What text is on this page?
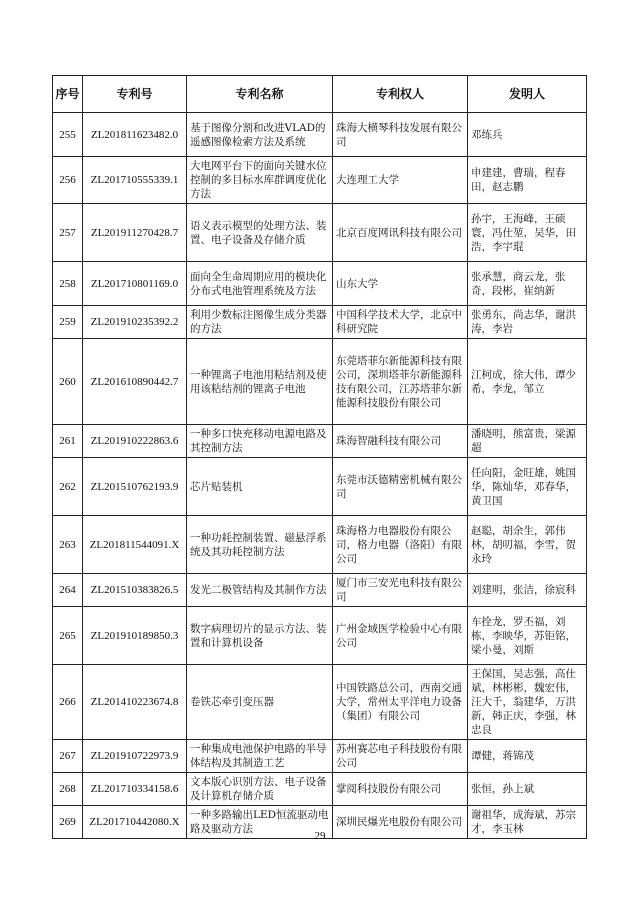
序号	专利号	专利名称	专利权人	发明人
255	ZL201811623482.0	基于图像分割和改进VLAD的遥感图像检索方法及系统	珠海大横琴科技发展有限公司	邓练兵
256	ZL201710555339.1	大电网平台下的面向关键水位控制的多目标水库群调度优化方法	大连理工大学	申建建，曹瑞，程春田，赵志鹏
257	ZL201911270428.7	语义表示模型的处理方法、装置、电子设备及存储介质	北京百度网讯科技有限公司	孙宇，王海峰，王硕寰，冯仕堃，吴华，田浩，李宇琨
258	ZL201710801169.0	面向全生命周期应用的模块化分布式电池管理系统及方法	山东大学	张承慧，商云龙，张奇，段彬，崔纳新
259	ZL201910235392.2	利用少数标注图像生成分类器的方法	中国科学技术大学，北京中科研究院	张勇东，尚志华，谢洪涛，李岩
260	ZL201610890442.7	一种锂离子电池用粘结剂及使用该粘结剂的锂离子电池	东莞塔菲尔新能源科技有限公司，深圳塔菲尔新能源科技有限公司，江苏塔菲尔新能源科技股份有限公司	江柯成，徐大伟，谭少希，李龙，邹立
261	ZL201910222863.6	一种多口快充移动电源电路及其控制方法	珠海智融科技有限公司	潘晓明，熊富贵，梁源超
262	ZL201510762193.9	芯片贴装机	东莞市沃德精密机械有限公司	任向阳，金旺雄，姚国华，陈灿华，邓春华，黄卫国
263	ZL201811544091.X	一种功耗控制装置、磁悬浮系统及其功耗控制方法	珠海格力电器股份有限公司，格力电器（洛阳）有限公司	赵聪，胡余生，郭伟林，胡叨福，李雪，贺永玲
264	ZL201510383826.5	发光二极管结构及其制作方法	厦门市三安光电科技有限公司	刘建明，张洁，徐宸科
265	ZL201910189850.3	数字病理切片的显示方法、装置和计算机设备	广州金域医学检验中心有限公司	车拴龙，罗丕福，刘栋，李映华，苏钜铭，梁小曼，刘斯
266	ZL201410223674.8	卷铁芯牵引变压器	中国铁路总公司，西南交通大学，常州太平洋电力设备（集团）有限公司	王保国，吴志强，高仕斌，林彬彬，魏宏伟，汪大千，翁建华，万洪新，韩正庆，李强，林忠良
267	ZL201910722973.9	一种集成电池保护电路的半导体结构及其制造工艺	苏州赛芯电子科技股份有限公司	谭健，蒋锦茂
268	ZL201710334158.6	文本版心识别方法、电子设备及计算机存储介质	掌阅科技股份有限公司	张恒，孙上斌
269	ZL201710442080.X	一种多路输出LED恒流驱动电路及驱动方法	深圳民爆光电股份有限公司	谢祖华，成海斌，苏宗才，李玉林
29
